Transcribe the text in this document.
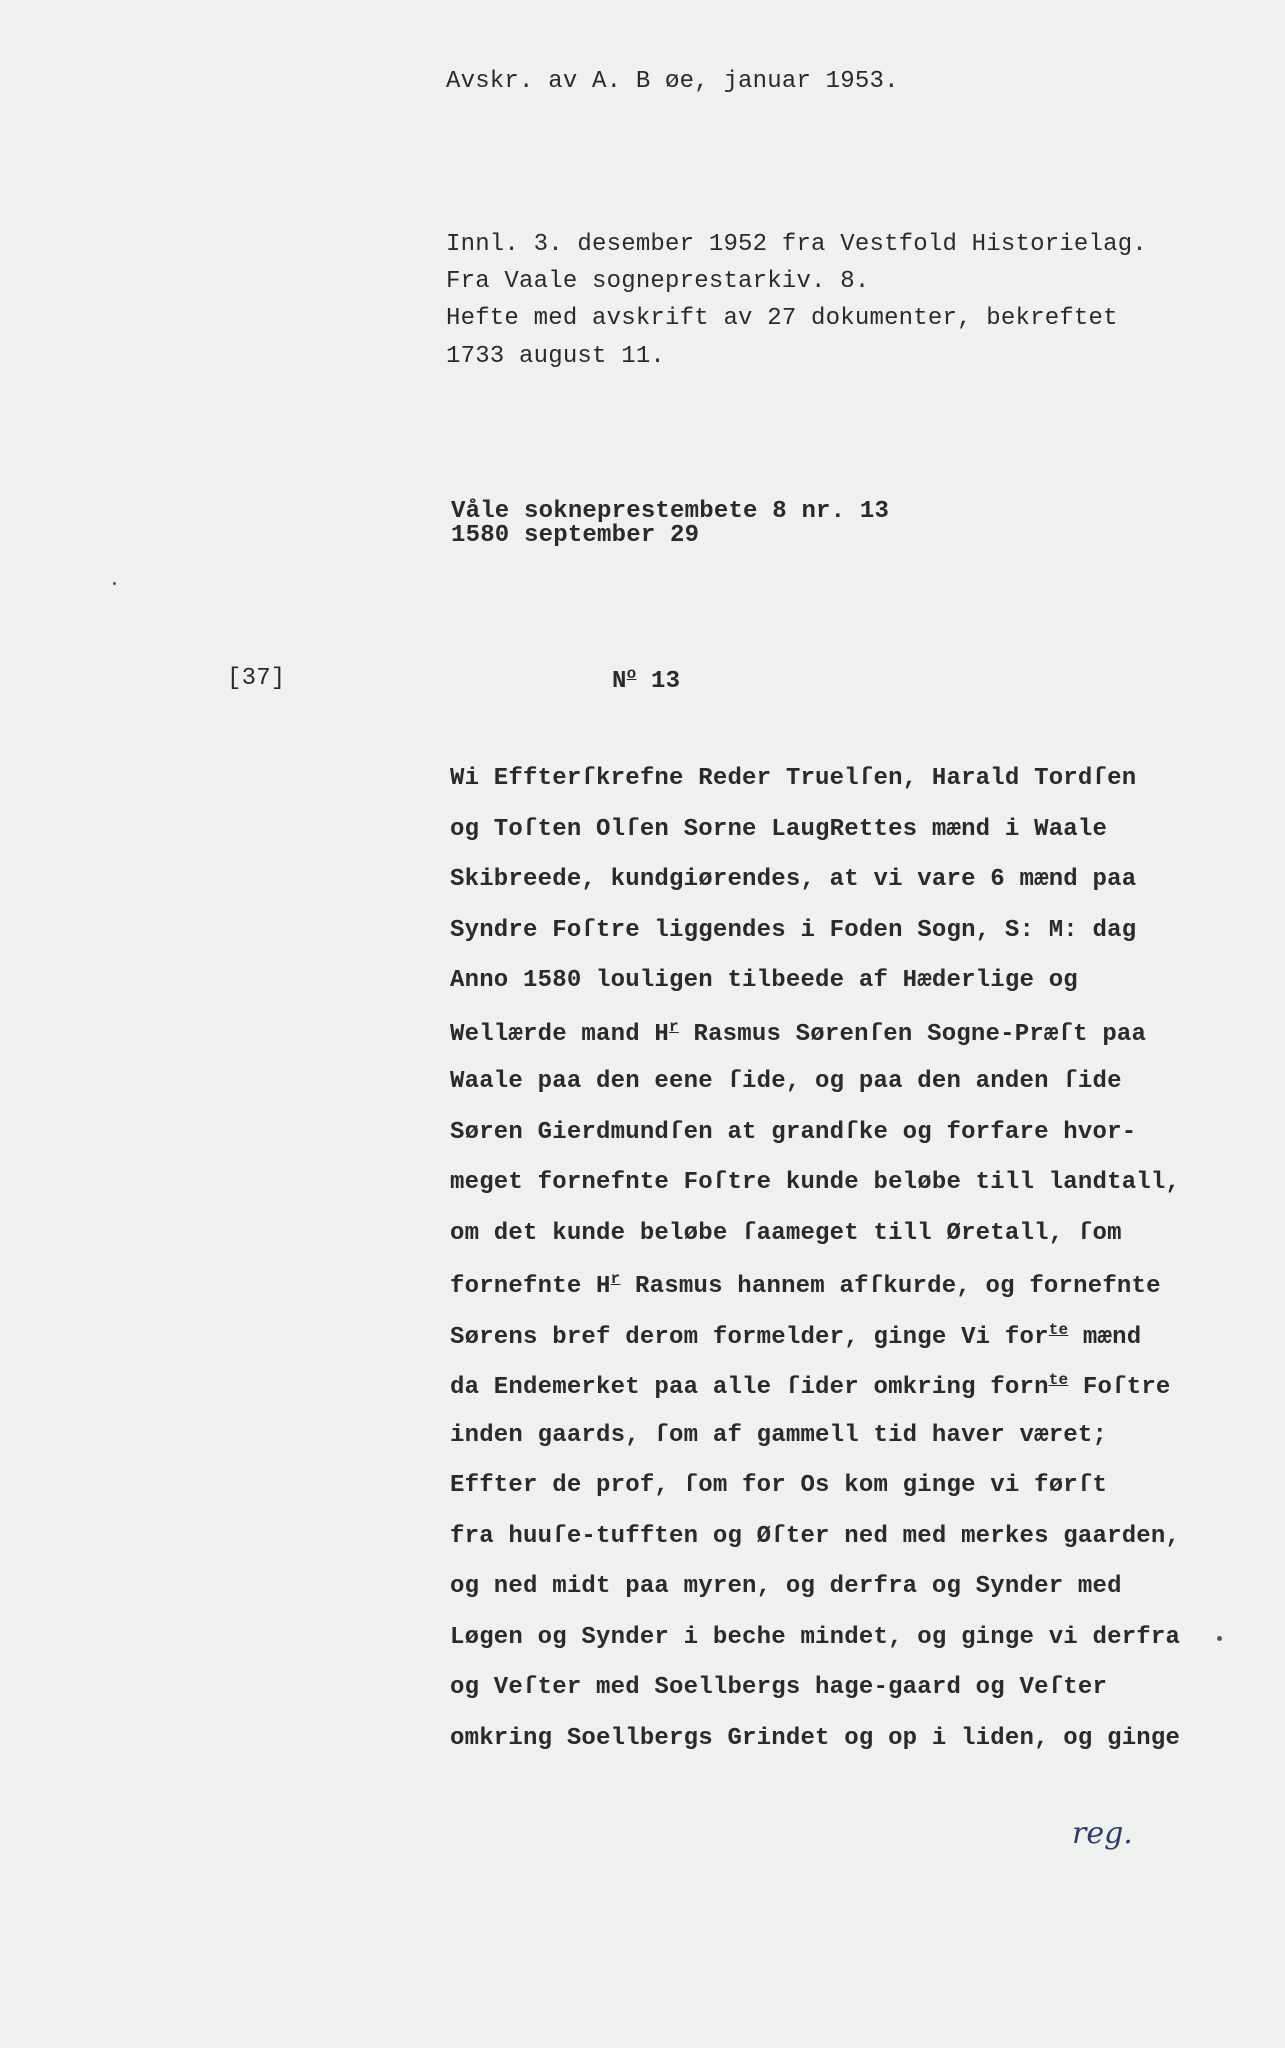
Avskr. av A. B øe, januar 1953.

Innl. 3. desember 1952 fra Vestfold Historielag.

Fra Vaale sogneprestarkiv. 8.

Hefte med avskrift av 27 dokumenter, bekreftet

1733 august 11.

Våle sokneprestembete 8 nr. 13

1580 september 29

[37]	$N^o$ 13

Wi Effterſkrefne Reder Truelſen, Harald Tordſen

og Toſten Olſen Sorne LaugRettes mænd i Waale

Skibreede, kundgiørendes, at vi vare 6 mænd paa

Syndre Foſtre liggendes i Foden Sogn, S: M: dag

Anno 1580 louligen tilbeede af Hæderlige og

Wellærde mand $H^r$ Rasmus Sørenſen Sogne-Præſt paa

Waale paa den eene ſide, og paa den anden ſide

Søren Gierdmundſen at grandſke og forfare hvor-

meget fornefnte Foſtre kunde beløbe till landtall,

om det kunde beløbe ſaameget till Øretall, ſom

fornefnte $H^r$ Rasmus hannem afſkurde, og fornefnte

Sørens bref derom formelder, ginge Vi for$^{te}$ mænd

da Endemerket paa alle ſider omkring forn$^{te}$ Foſtre

inden gaards, ſom af gammell tid haver været;

Effter de prof, ſom for Os kom ginge vi førſt

fra huuſe-tufften og Øſter ned med merkes gaarden,

og ned midt paa myren, og derfra og Synder med

Løgen og Synder i beche mindet, og ginge vi derfra

og Veſter med Soellbergs hage-gaard og Veſter

omkring Soellbergs Grindet og op i liden, og ginge

reg.
